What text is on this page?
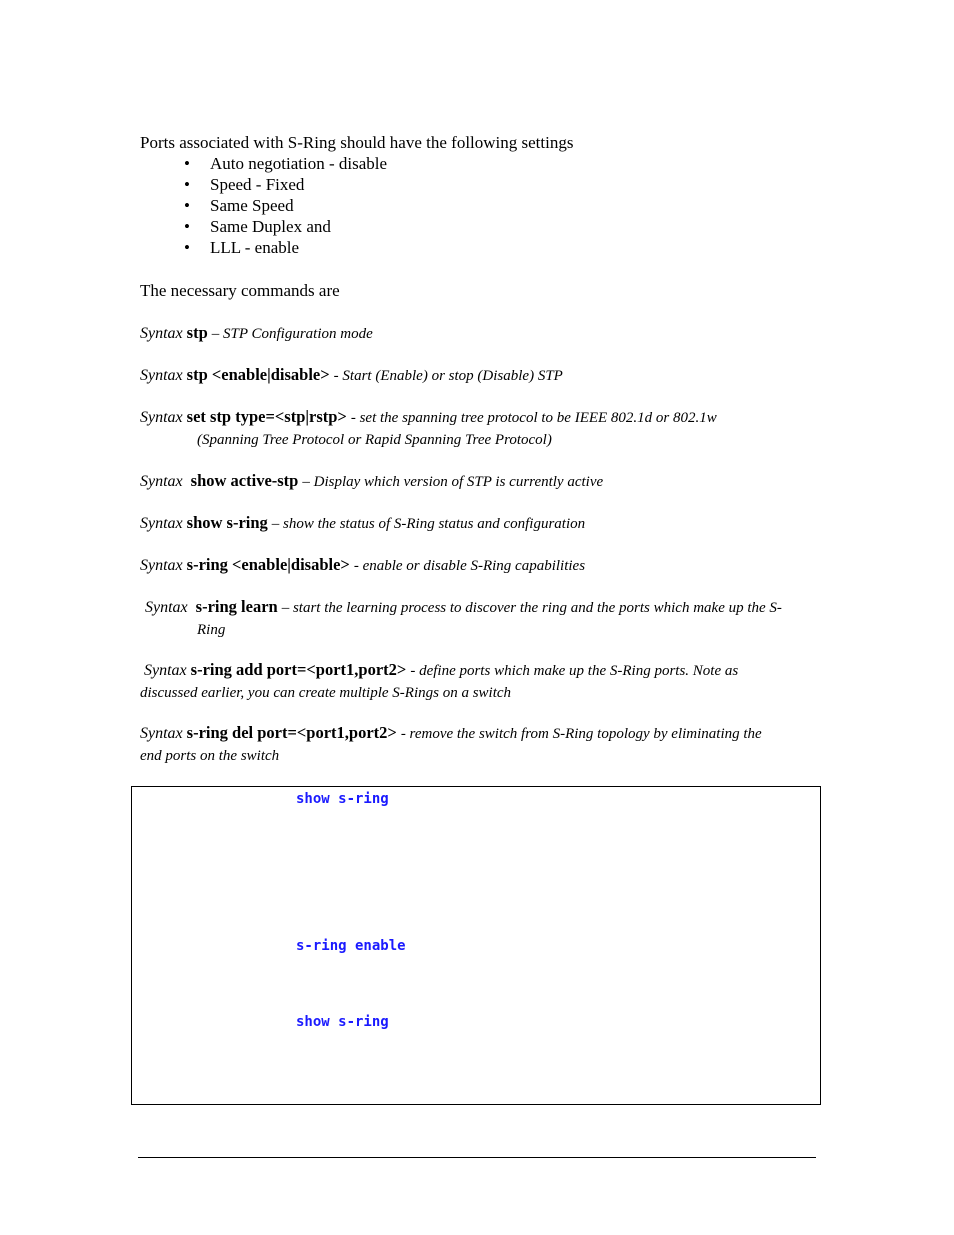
Ports associated with S-Ring should have the following settings
• Auto negotiation - disable
• Speed - Fixed
• Same Speed
• Same Duplex and
• LLL - enable
The necessary commands are
Syntax stp – STP Configuration mode
Syntax stp <enable|disable> - Start (Enable) or stop (Disable) STP
Syntax set stp type=<stp|rstp> - set the spanning tree protocol to be IEEE 802.1d or 802.1w
(Spanning Tree Protocol or Rapid Spanning Tree Protocol)
Syntax show active-stp – Display which version of STP is currently active
Syntax show s-ring – show the status of S-Ring status and configuration
Syntax s-ring <enable|disable> - enable or disable S-Ring capabilities
Syntax s-ring learn – start the learning process to discover the ring and the ports which make up the S-
Ring
Syntax s-ring add port=<port1,port2> - define ports which make up the S-Ring ports. Note as
discussed earlier, you can create multiple S-Rings on a switch
Syntax s-ring del port=<port1,port2> - remove the switch from S-Ring topology by eliminating the
end ports on the switch
show s-ring
s-ring enable
show s-ring
